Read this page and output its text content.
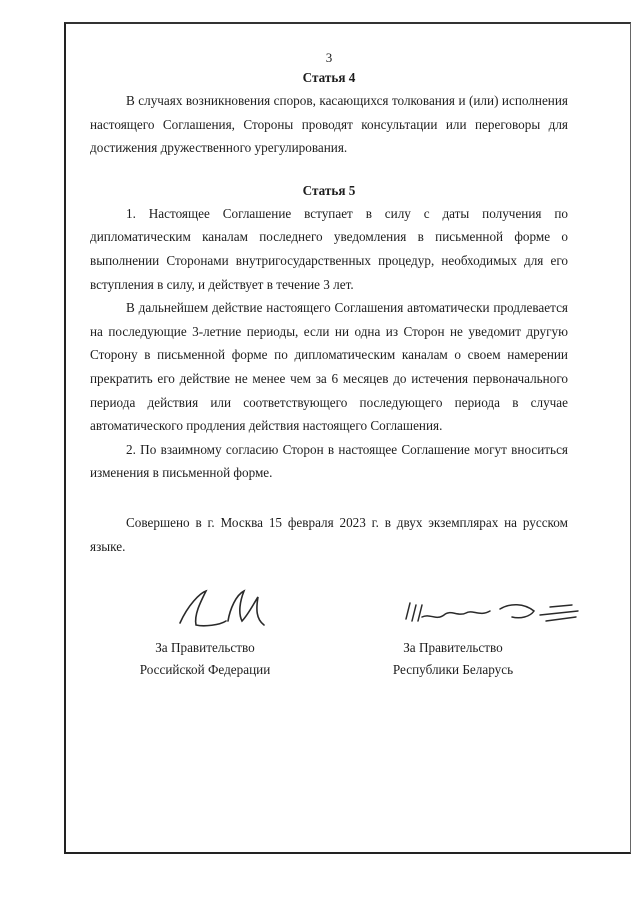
3

Статья 4

В случаях возникновения споров, касающихся толкования и (или) исполнения настоящего Соглашения, Стороны проводят консультации или переговоры для достижения дружественного урегулирования.

Статья 5

1. Настоящее Соглашение вступает в силу с даты получения по дипломатическим каналам последнего уведомления в письменной форме о выполнении Сторонами внутригосударственных процедур, необходимых для его вступления в силу, и действует в течение 3 лет.

В дальнейшем действие настоящего Соглашения автоматически продлевается на последующие 3-летние периоды, если ни одна из Сторон не уведомит другую Сторону в письменной форме по дипломатическим каналам о своем намерении прекратить его действие не менее чем за 6 месяцев до истечения первоначального периода действия или соответствующего последующего периода в случае автоматического продления действия настоящего Соглашения.

2. По взаимному согласию Сторон в настоящее Соглашение могут вноситься изменения в письменной форме.

Совершено в г. Москва 15 февраля 2023 г. в двух экземплярах на русском языке.

За Правительство
Российской Федерации
За Правительство
Республики Беларусь
